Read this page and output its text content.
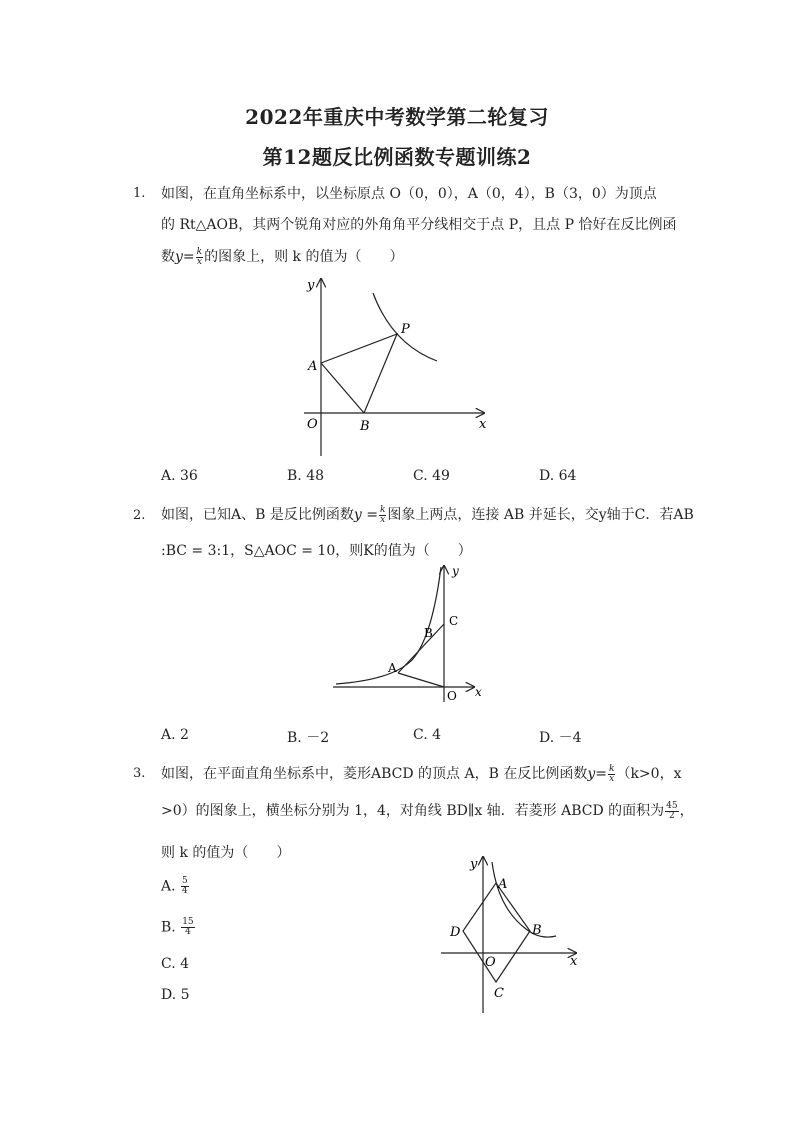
2022年重庆中考数学第二轮复习
第12题反比例函数专题训练2
1. 如图，在直角坐标系中，以坐标原点 O（0，0），A（0，4），B（3，0）为顶点
的 Rt△AOB，其两个锐角对应的外角角平分线相交于点 P，且点 P 恰好在反比例函
数$y= \frac{k}{x}$ 的图象上，则 k 的值为（　　）
y
x
O
A
B
P
A. 36	B. 48	C. 49	D. 64
2. 如图，已知A、B 是反比例函数$y = \frac{k}{x}$ 图象上两点，连接 AB 并延长，交y轴于C．若AB
:BC = 3:1，S△AOC = 10，则K的值为（　　）
y
x
O
A
B
C
A. 2	B. －2	C. 4	D. －4
3. 如图，在平面直角坐标系中，菱形ABCD 的顶点 A，B 在反比例函数$y= \frac{k}{x} (k>0$，x
>0）的图象上，横坐标分别为 1，4，对角线 BD∥x 轴．若菱形 ABCD 的面积为 $\frac{45}{2}$ ，
则 k 的值为（　　）
A. $\frac{5}{4}$
B. $\frac{15}{4}$
C. 4
D. 5
y
x
O
A
B
C
D
